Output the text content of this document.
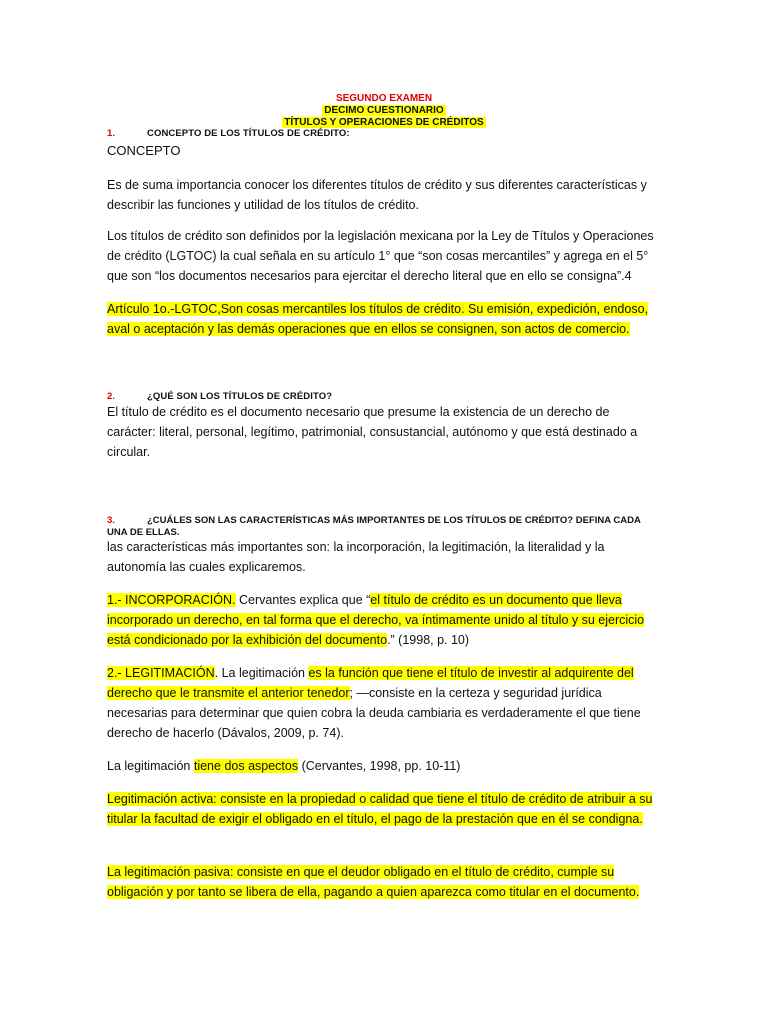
SEGUNDO EXAMEN
DECIMO CUESTIONARIO
TÍTULOS Y OPERACIONES DE CRÉDITOS
1.	CONCEPTO DE LOS TÍTULOS DE CRÉDITO:
CONCEPTO

Es de suma importancia conocer los diferentes títulos de crédito y sus diferentes características y describir las funciones y utilidad de los títulos de crédito.

Los títulos de crédito son definidos por la legislación mexicana por la Ley de Títulos y Operaciones de crédito (LGTOC) la cual señala en su artículo 1° que “son cosas mercantiles” y agrega en el 5° que son “los documentos necesarios para ejercitar el derecho literal que en ello se consigna”.4

Artículo 1o.-LGTOC,Son cosas mercantiles los títulos de crédito. Su emisión, expedición, endoso, aval o aceptación y las demás operaciones que en ellos se consignen, son actos de comercio.

2.	¿QUÉ SON LOS TÍTULOS DE CRÉDITO?

El título de crédito es el documento necesario que presume la existencia de un derecho de carácter: literal, personal, legítimo, patrimonial, consustancial, autónomo y que está destinado a circular.

3.	¿CUÁLES SON LAS CARACTERÍSTICAS MÁS IMPORTANTES DE LOS TÍTULOS DE CRÉDITO? DEFINA CADA UNA DE ELLAS.

las características más importantes son: la incorporación, la legitimación, la literalidad y la autonomía las cuales explicaremos.

1.- INCORPORACIÓN. Cervantes explica que “el título de crédito es un documento que lleva incorporado un derecho, en tal forma que el derecho, va íntimamente unido al título y su ejercicio está condicionado por la exhibición del documento.” (1998, p. 10)

2.- LEGITIMACIÓN. La legitimación es la función que tiene el título de investir al adquirente del derecho que le transmite el anterior tenedor; —consiste en la certeza y seguridad jurídica necesarias para determinar que quien cobra la deuda cambiaria es verdaderamente el que tiene derecho de hacerlo (Dávalos, 2009, p. 74).

La legitimación tiene dos aspectos (Cervantes, 1998, pp. 10-11)

Legitimación activa: consiste en la propiedad o calidad que tiene el título de crédito de atribuir a su titular la facultad de exigir el obligado en el título, el pago de la prestación que en él se condigna.

La legitimación pasiva: consiste en que el deudor obligado en el título de crédito, cumple su obligación y por tanto se libera de ella, pagando a quien aparezca como titular en el documento.
